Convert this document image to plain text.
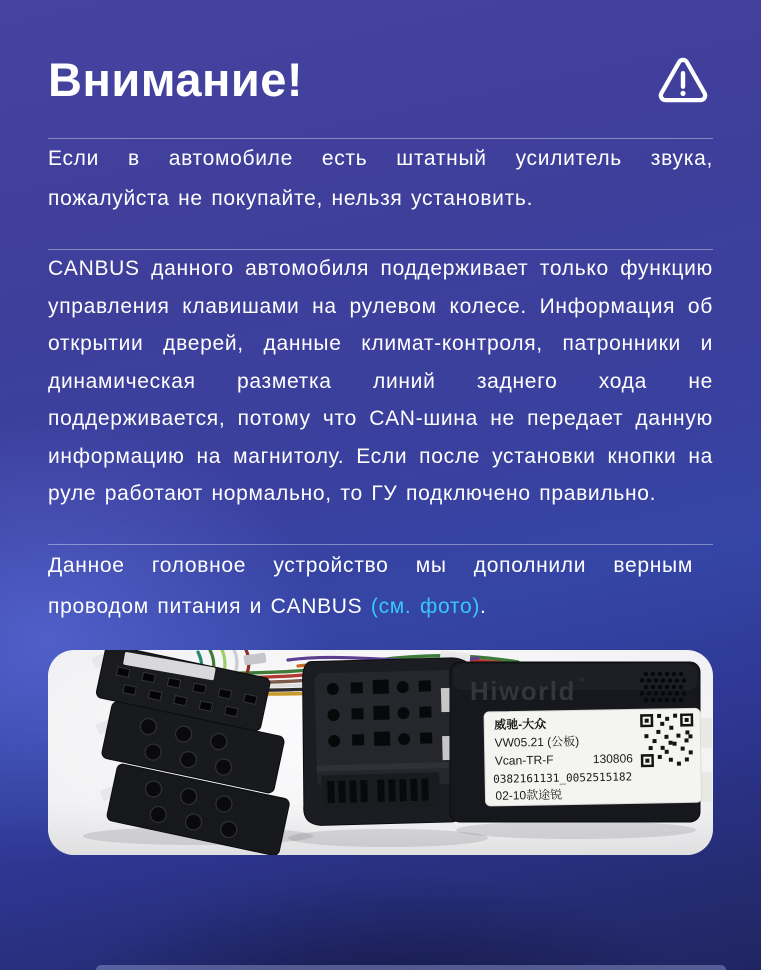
Внимание!

Если в автомобиле есть штатный усилитель звука, пожалуйста не покупайте, нельзя установить.

CANBUS данного автомобиля поддерживает только функцию управления клавишами на рулевом колесе. Информация об открытии дверей, данные климат-контроля, патронники и динамическая разметка линий заднего хода не поддерживается, потому что CAN-шина не передает данную информацию на магнитолу. Если после установки кнопки на руле работают нормально, то ГУ подключено правильно.

Данное головное устройство мы дополнили верным проводом питания и CANBUS (см. фото).

Hiworld ™
威驰-大众
VW05.21 (公板)
Vcan-TR-F	130806
0382161131_0052515182
02-10款途锐
